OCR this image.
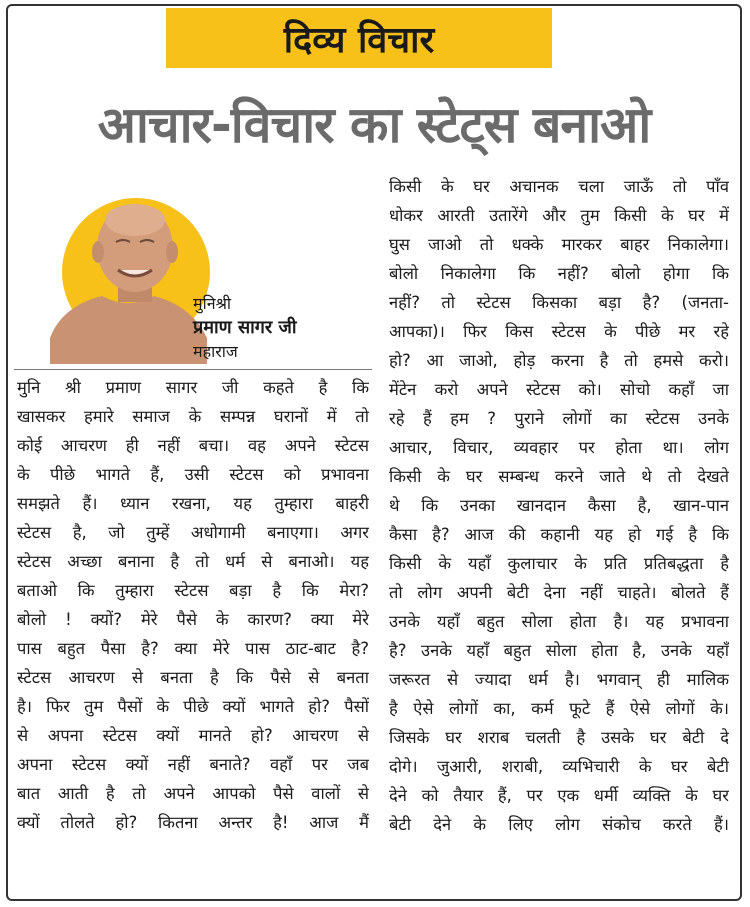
दिव्य विचार
आचार-विचार का स्टेट्स बनाओ
मुनिश्री
प्रमाण सागर जी
महाराज
मुनि श्री प्रमाण सागर जी कहते है कि
खासकर हमारे समाज के सम्पन्न घरानों में तो
कोई आचरण ही नहीं बचा। वह अपने स्टेटस
के पीछे भागते हैं, उसी स्टेटस को प्रभावना
समझते हैं। ध्यान रखना, यह तुम्हारा बाहरी
स्टेटस है, जो तुम्हें अधोगामी बनाएगा। अगर
स्टेटस अच्छा बनाना है तो धर्म से बनाओ। यह
बताओ कि तुम्हारा स्टेटस बड़ा है कि मेरा?
बोलो ! क्यों? मेरे पैसे के कारण? क्या मेरे
पास बहुत पैसा है? क्या मेरे पास ठाट-बाट है?
स्टेटस आचरण से बनता है कि पैसे से बनता
है। फिर तुम पैसों के पीछे क्यों भागते हो? पैसों
से अपना स्टेटस क्यों मानते हो? आचरण से
अपना स्टेटस क्यों नहीं बनाते? वहाँ पर जब
बात आती है तो अपने आपको पैसे वालों से
क्यों तोलते हो? कितना अन्तर है! आज मैं
किसी के घर अचानक चला जाऊँ तो पाँव
धोकर आरती उतारेंगे और तुम किसी के घर में
घुस जाओ तो धक्के मारकर बाहर निकालेगा।
बोलो निकालेगा कि नहीं? बोलो होगा कि
नहीं? तो स्टेटस किसका बड़ा है? (जनता-
आपका)। फिर किस स्टेटस के पीछे मर रहे
हो? आ जाओ, होड़ करना है तो हमसे करो।
मेंटेन करो अपने स्टेटस को। सोचो कहाँ जा
रहे हैं हम ? पुराने लोगों का स्टेटस उनके
आचार, विचार, व्यवहार पर होता था। लोग
किसी के घर सम्बन्ध करने जाते थे तो देखते
थे कि उनका खानदान कैसा है, खान-पान
कैसा है? आज की कहानी यह हो गई है कि
किसी के यहाँ कुलाचार के प्रति प्रतिबद्धता है
तो लोग अपनी बेटी देना नहीं चाहते। बोलते हैं
उनके यहाँ बहुत सोला होता है। यह प्रभावना
है? उनके यहाँ बहुत सोला होता है, उनके यहाँ
जरूरत से ज्यादा धर्म है। भगवान् ही मालिक
है ऐसे लोगों का, कर्म फूटे हैं ऐसे लोगों के।
जिसके घर शराब चलती है उसके घर बेटी दे
दोगे। जुआरी, शराबी, व्यभिचारी के घर बेटी
देने को तैयार हैं, पर एक धर्मी व्यक्ति के घर
बेटी देने के लिए लोग संकोच करते हैं।
